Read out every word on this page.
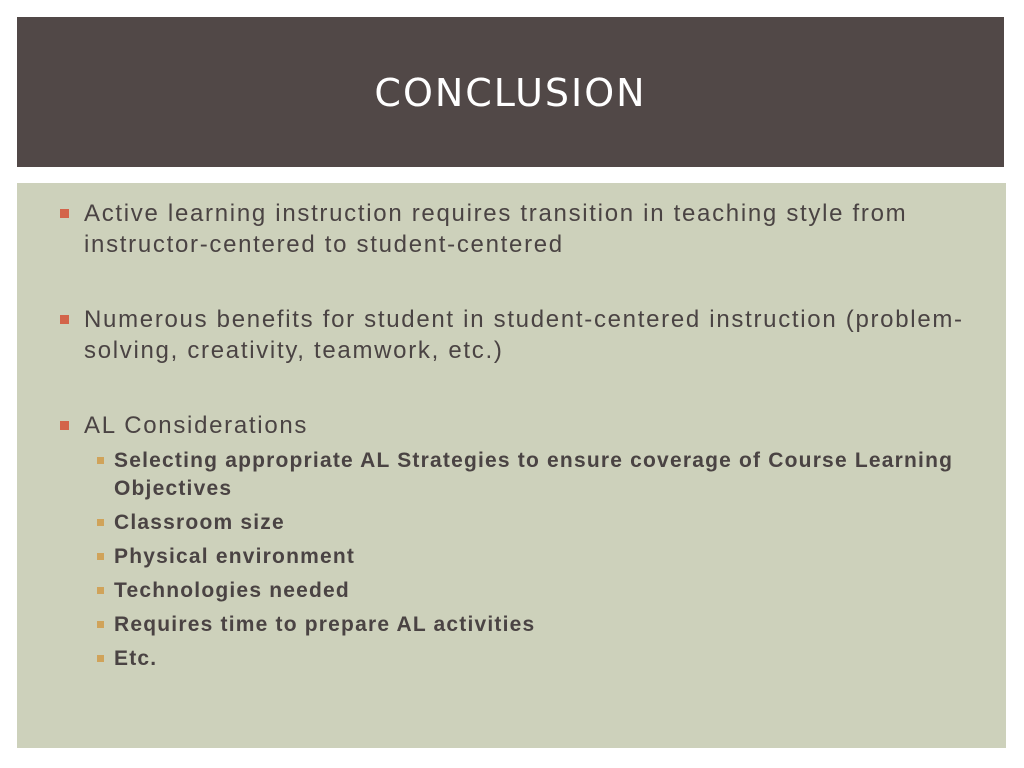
CONCLUSION
Active learning instruction requires transition in teaching style from instructor-centered to student-centered
Numerous benefits for student in student-centered instruction (problem-solving, creativity, teamwork, etc.)
AL Considerations
Selecting appropriate AL Strategies to ensure coverage of Course Learning Objectives
Classroom size
Physical environment
Technologies needed
Requires time to prepare AL activities
Etc.
